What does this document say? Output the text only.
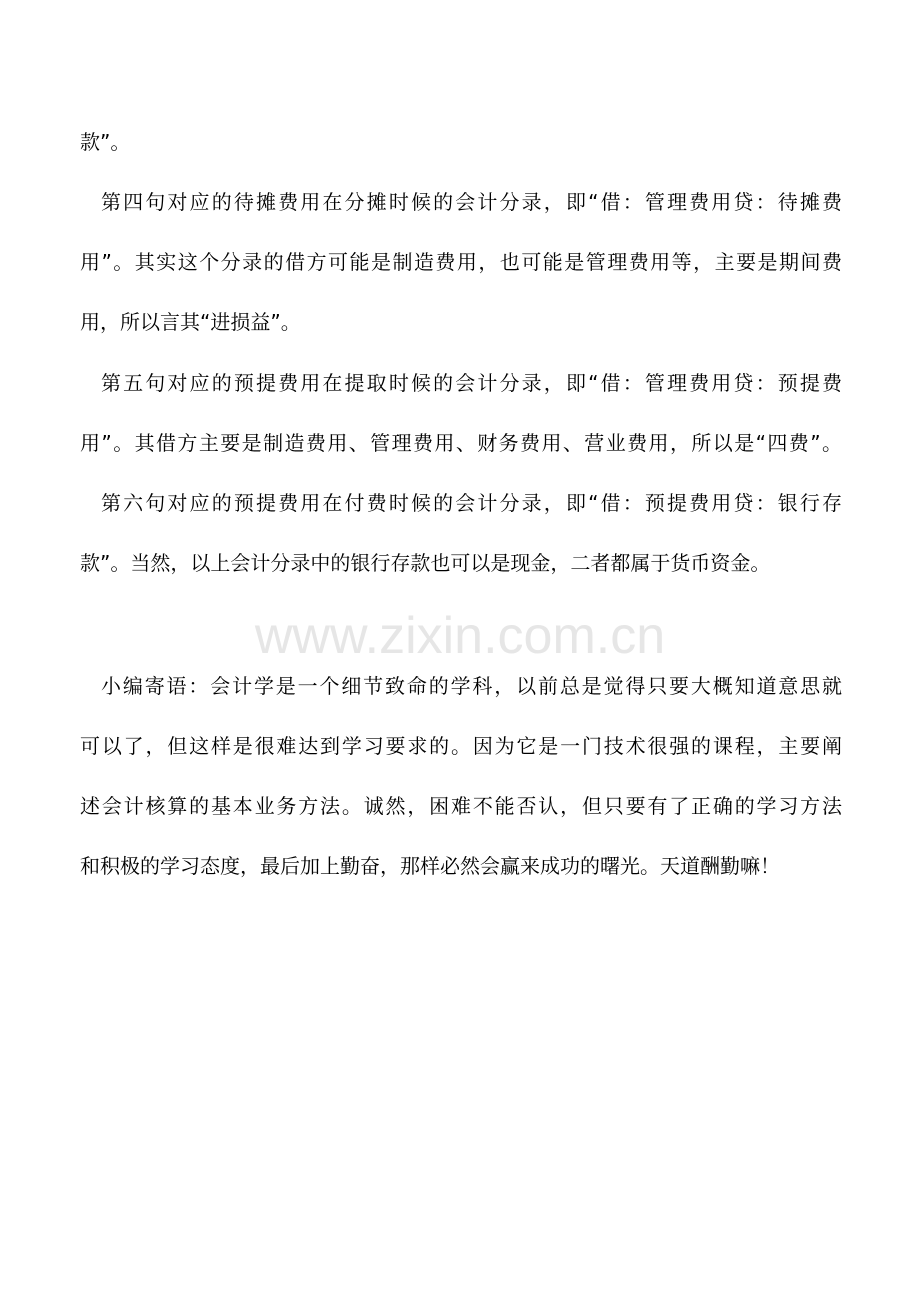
款”。
第四句对应的待摊费用在分摊时候的会计分录，即“借：管理费用贷：待摊费
用”。其实这个分录的借方可能是制造费用，也可能是管理费用等，主要是期间费
用，所以言其“进损益”。
第五句对应的预提费用在提取时候的会计分录，即“借：管理费用贷：预提费
用”。其借方主要是制造费用、管理费用、财务费用、营业费用，所以是“四费”。
第六句对应的预提费用在付费时候的会计分录，即“借：预提费用贷：银行存
款”。当然，以上会计分录中的银行存款也可以是现金，二者都属于货币资金。
www.zixin.com.cn
小编寄语：会计学是一个细节致命的学科，以前总是觉得只要大概知道意思就
可以了，但这样是很难达到学习要求的。因为它是一门技术很强的课程，主要阐
述会计核算的基本业务方法。诚然，困难不能否认，但只要有了正确的学习方法
和积极的学习态度，最后加上勤奋，那样必然会赢来成功的曙光。天道酬勤嘛！
